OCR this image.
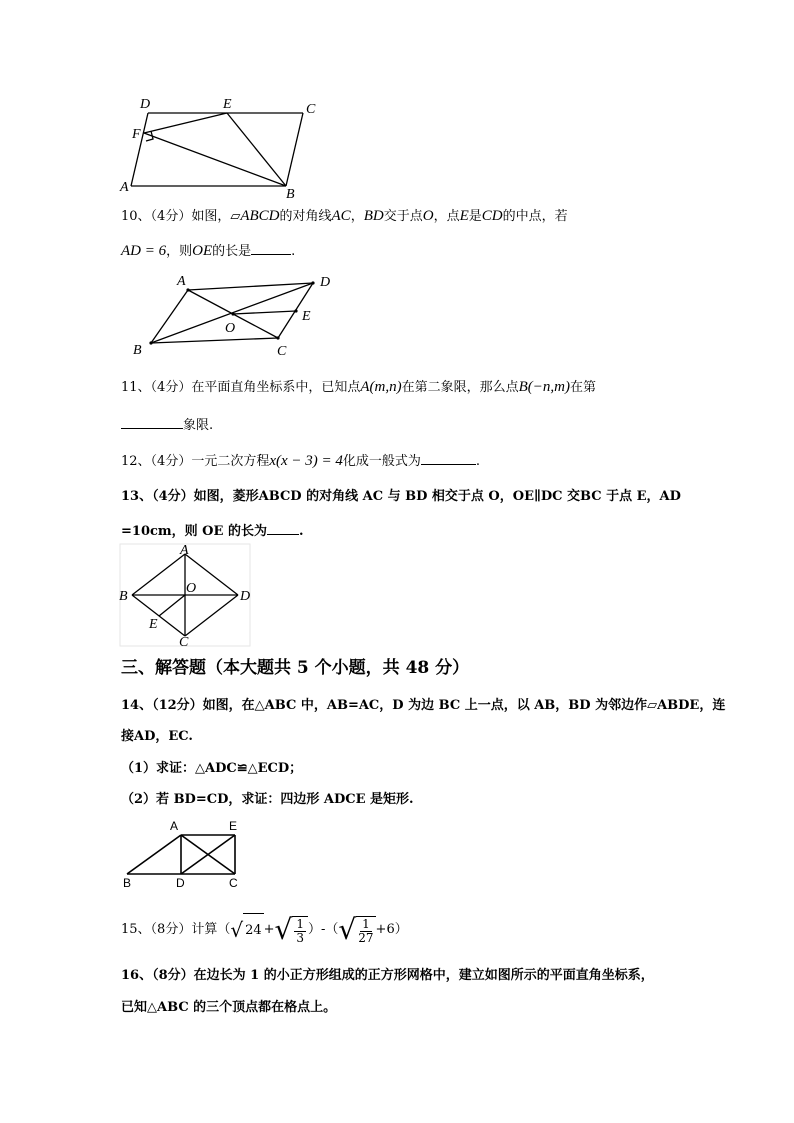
D	E	C
F
A	B
10、（4分）如图，▱ABCD的对角线AC，BD交于点O，点E是CD的中点，若
AD = 6，则OE的长是	.
A	D
O
E
B	C
11、（4分）在平面直角坐标系中，已知点A(m,n)在第二象限，那么点B(−n,m)在第
象限.
12、（4分）一元二次方程x(x − 3) = 4化成一般式为	.
13、（4分）如图，菱形ABCD 的对角线 AC 与 BD 相交于点 O，OE∥DC 交BC 于点 E，AD
=10cm，则 OE 的长为 .
A
B
O
D
E
C
三、解答题（本大题共 5 个小题，共 48 分）
14、（12分）如图，在△ABC 中，AB=AC，D 为边 BC 上一点，以 AB，BD 为邻边作▱ABDE，连
接AD，EC.
（1）求证：△ADC≌△ECD；
（2）若 BD=CD，求证：四边形 ADCE 是矩形.
A	E
B	D	C
15、（8分）计算（ √ 24 + √ $\frac{1}{3}$ ）-（ √ $\frac{1}{27} +6$）
16、（8分）在边长为 1 的小正方形组成的正方形网格中，建立如图所示的平面直角坐标系，
已知△ABC 的三个顶点都在格点上。
